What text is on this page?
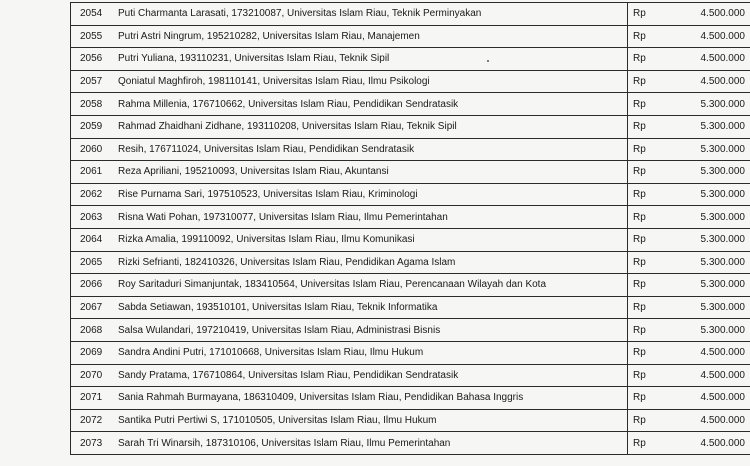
2054 Puti Charmanta Larasati, 173210087, Universitas Islam Riau, Teknik Perminyakan	Rp	4.500.000

2055 Putri Astri Ningrum, 195210282, Universitas Islam Riau, Manajemen	Rp	4.500.000

2056 Putri Yuliana, 193110231, Universitas Islam Riau, Teknik Sipil	Rp	4.500.000

2057 Qoniatul Maghfiroh, 198110141, Universitas Islam Riau, Ilmu Psikologi	Rp	4.500.000

2058 Rahma Millenia, 176710662, Universitas Islam Riau, Pendidikan Sendratasik	Rp	5.300.000

2059 Rahmad Zhaidhani Zidhane, 193110208, Universitas Islam Riau, Teknik Sipil	Rp	5.300.000

2060 Resih, 176711024, Universitas Islam Riau, Pendidikan Sendratasik	Rp	5.300.000

2061 Reza Apriliani, 195210093, Universitas Islam Riau, Akuntansi	Rp	5.300.000

2062 Rise Purnama Sari, 197510523, Universitas Islam Riau, Kriminologi	Rp	5.300.000

2063 Risna Wati Pohan, 197310077, Universitas Islam Riau, Ilmu Pemerintahan	Rp	5.300.000

2064 Rizka Amalia, 199110092, Universitas Islam Riau, Ilmu Komunikasi	Rp	5.300.000

2065 Rizki Sefrianti, 182410326, Universitas Islam Riau, Pendidikan Agama Islam	Rp	5.300.000

2066 Roy Saritaduri Simanjuntak, 183410564, Universitas Islam Riau, Perencanaan Wilayah dan Kota	Rp	5.300.000

2067 Sabda Setiawan, 193510101, Universitas Islam Riau, Teknik Informatika	Rp	5.300.000

2068 Salsa Wulandari, 197210419, Universitas Islam Riau, Administrasi Bisnis	Rp	5.300.000

2069 Sandra Andini Putri, 171010668, Universitas Islam Riau, Ilmu Hukum	Rp	4.500.000

2070 Sandy Pratama, 176710864, Universitas Islam Riau, Pendidikan Sendratasik	Rp	4.500.000

2071 Sania Rahmah Burmayana, 186310409, Universitas Islam Riau, Pendidikan Bahasa Inggris	Rp	4.500.000

2072 Santika Putri Pertiwi S, 171010505, Universitas Islam Riau, Ilmu Hukum	Rp	4.500.000

2073 Sarah Tri Winarsih, 187310106, Universitas Islam Riau, Ilmu Pemerintahan	Rp	4.500.000
